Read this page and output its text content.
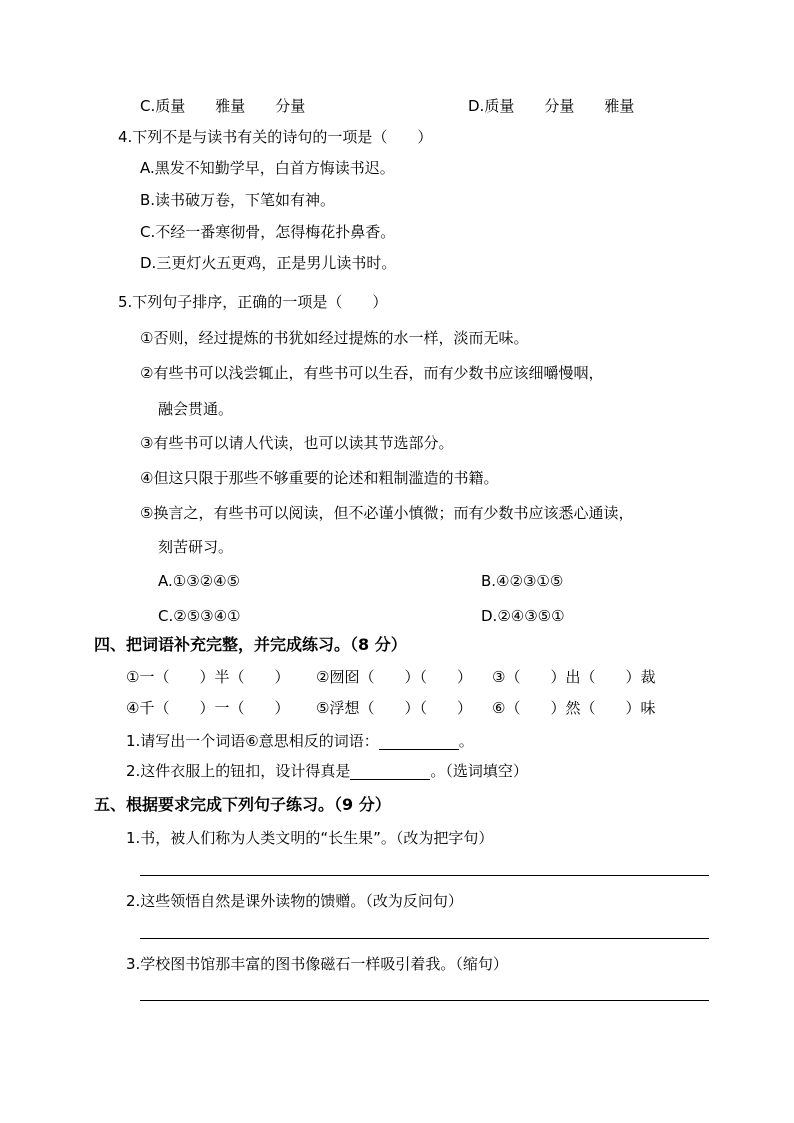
C.质量　　雅量　　分量	D.质量　　分量　　雅量
4.下列不是与读书有关的诗句的一项是（　　）
A.黑发不知勤学早，白首方悔读书迟。
B.读书破万卷，下笔如有神。
C.不经一番寒彻骨，怎得梅花扑鼻香。
D.三更灯火五更鸡，正是男儿读书时。
5.下列句子排序，正确的一项是（　　）
①否则，经过提炼的书犹如经过提炼的水一样，淡而无味。
②有些书可以浅尝辄止，有些书可以生吞，而有少数书应该细嚼慢咽，
融会贯通。
③有些书可以请人代读，也可以读其节选部分。
④但这只限于那些不够重要的论述和粗制滥造的书籍。
⑤换言之，有些书可以阅读，但不必谨小慎微；而有少数书应该悉心通读，
刻苦研习。
A.①③②④⑤	B.④②③①⑤
C.②⑤③④①	D.②④③⑤①
四、把词语补充完整，并完成练习。（8 分）
①一（　　）半（　　） ②囫囵（　　）（　　） ③（　　）出（　　）裁
④千（　　）一（　　） ⑤浮想（　　）（　　） ⑥（　　）然（　　）味
1.请写出一个词语⑥意思相反的词语：	。
2.这件衣服上的钮扣，设计得真是	。（选词填空）
五、根据要求完成下列句子练习。（9 分）
1.书，被人们称为人类文明的“长生果”。（改为把字句）
2.这些领悟自然是课外读物的馈赠。（改为反问句）
3.学校图书馆那丰富的图书像磁石一样吸引着我。（缩句）
